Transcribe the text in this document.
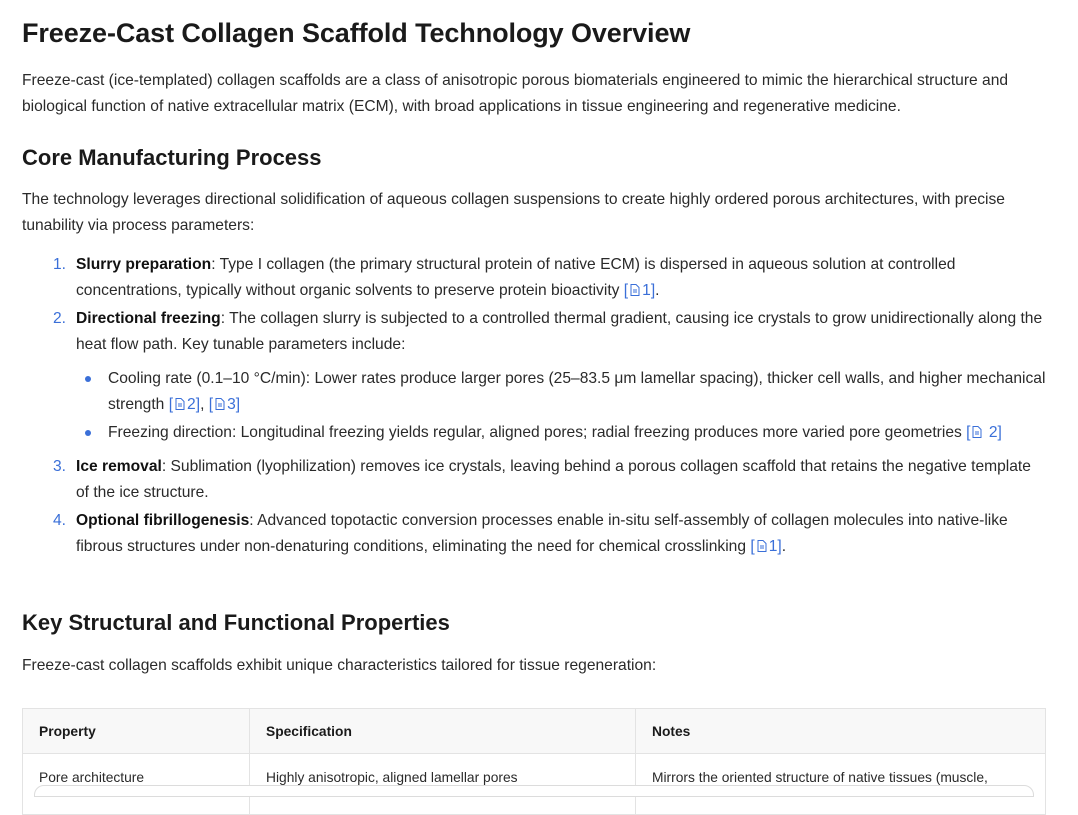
Freeze-Cast Collagen Scaffold Technology Overview

Freeze-cast (ice-templated) collagen scaffolds are a class of anisotropic porous biomaterials engineered to mimic the hierarchical structure and biological function of native extracellular matrix (ECM), with broad applications in tissue engineering and regenerative medicine.

Core Manufacturing Process

The technology leverages directional solidification of aqueous collagen suspensions to create highly ordered porous architectures, with precise tunability via process parameters:

1. Slurry preparation: Type I collagen (the primary structural protein of native ECM) is dispersed in aqueous solution at controlled concentrations, typically without organic solvents to preserve protein bioactivity [ 1].
2. Directional freezing: The collagen slurry is subjected to a controlled thermal gradient, causing ice crystals to grow unidirectionally along the heat flow path. Key tunable parameters include:
Cooling rate (0.1–10 °C/min): Lower rates produce larger pores (25–83.5 μm lamellar spacing), thicker cell walls, and higher mechanical strength [ 2], [ 3]
Freezing direction: Longitudinal freezing yields regular, aligned pores; radial freezing produces more varied pore geometries [ 2]
3. Ice removal: Sublimation (lyophilization) removes ice crystals, leaving behind a porous collagen scaffold that retains the negative template of the ice structure.
4. Optional fibrillogenesis: Advanced topotactic conversion processes enable in-situ self-assembly of collagen molecules into native-like fibrous structures under non-denaturing conditions, eliminating the need for chemical crosslinking [ 1].
Key Structural and Functional Properties

Freeze-cast collagen scaffolds exhibit unique characteristics tailored for tissue regeneration:

Property	Specification	Notes
Pore architecture	Highly anisotropic, aligned lamellar pores	Mirrors the oriented structure of native tissues (muscle,
